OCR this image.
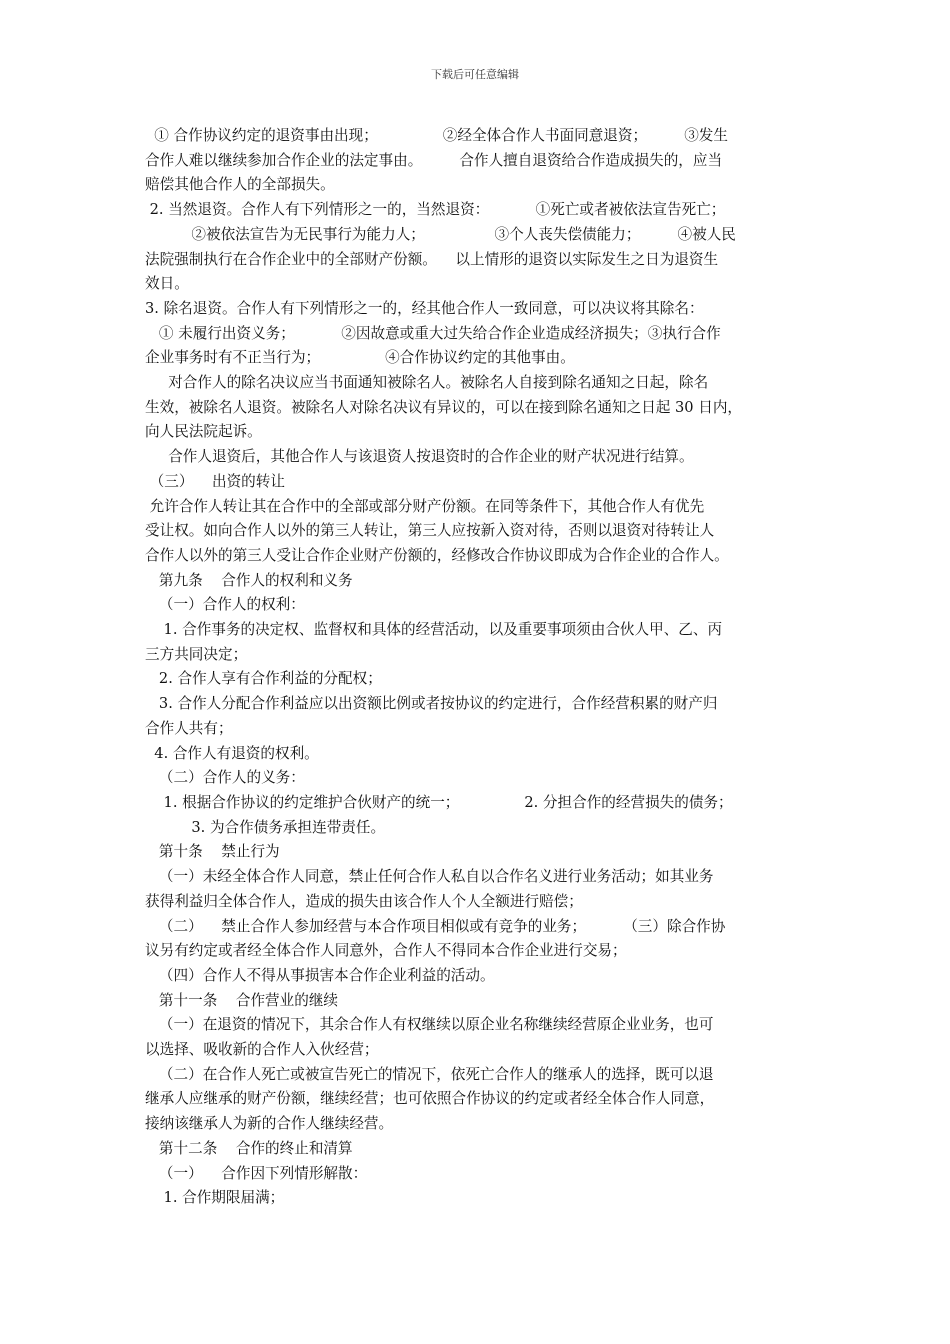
下载后可任意编辑
① 合作协议约定的退资事由出现；              ②经全体合作人书面同意退资；        ③发生
合作人难以继续参加合作企业的法定事由。        合作人擅自退资给合作造成损失的，应当
赔偿其他合作人的全部损失。
2. 当然退资。合作人有下列情形之一的，当然退资：          ①死亡或者被依法宣告死亡；
②被依法宣告为无民事行为能力人；               ③个人丧失偿债能力；        ④被人民
法院强制执行在合作企业中的全部财产份额。    以上情形的退资以实际发生之日为退资生
效日。
3. 除名退资。合作人有下列情形之一的，经其他合作人一致同意，可以决议将其除名：
① 未履行出资义务；          ②因故意或重大过失给合作企业造成经济损失；③执行合作
企业事务时有不正当行为；              ④合作协议约定的其他事由。
对合作人的除名决议应当书面通知被除名人。被除名人自接到除名通知之日起，除名
生效，被除名人退资。被除名人对除名决议有异议的，可以在接到除名通知之日起 30 日内，
向人民法院起诉。
合作人退资后，其他合作人与该退资人按退资时的合作企业的财产状况进行结算。
（三）    出资的转让
允许合作人转让其在合作中的全部或部分财产份额。在同等条件下，其他合作人有优先
受让权。如向合作人以外的第三人转让，第三人应按新入资对待，否则以退资对待转让人
合作人以外的第三人受让合作企业财产份额的，经修改合作协议即成为合作企业的合作人。
第九条    合作人的权利和义务
（一）合作人的权利：
1. 合作事务的决定权、监督权和具体的经营活动，以及重要事项须由合伙人甲、乙、丙
三方共同决定；
2. 合作人享有合作利益的分配权；
3. 合作人分配合作利益应以出资额比例或者按协议的约定进行，合作经营积累的财产归
合作人共有；
4. 合作人有退资的权利。
（二）合作人的义务：
1. 根据合作协议的约定维护合伙财产的统一；              2. 分担合作的经营损失的债务；
3. 为合作债务承担连带责任。
第十条    禁止行为
（一）未经全体合作人同意，禁止任何合作人私自以合作名义进行业务活动；如其业务
获得利益归全体合作人，造成的损失由该合作人个人全额进行赔偿；
（二）    禁止合作人参加经营与本合作项目相似或有竞争的业务；        （三）除合作协
议另有约定或者经全体合作人同意外，合作人不得同本合作企业进行交易；
（四）合作人不得从事损害本合作企业利益的活动。
第十一条    合作营业的继续
（一）在退资的情况下，其余合作人有权继续以原企业名称继续经营原企业业务，也可
以选择、吸收新的合作人入伙经营；
（二）在合作人死亡或被宣告死亡的情况下，依死亡合作人的继承人的选择，既可以退
继承人应继承的财产份额，继续经营；也可依照合作协议的约定或者经全体合作人同意，
接纳该继承人为新的合作人继续经营。
第十二条    合作的终止和清算
（一）    合作因下列情形解散：
1. 合作期限届满；
